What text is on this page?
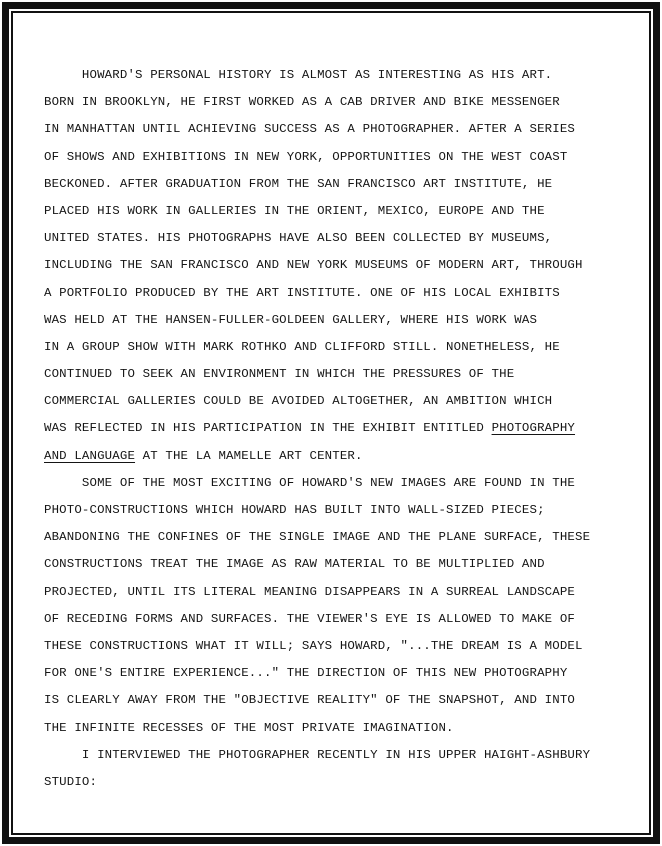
HOWARD'S PERSONAL HISTORY IS ALMOST AS INTERESTING AS HIS ART.
BORN IN BROOKLYN, HE FIRST WORKED AS A CAB DRIVER AND BIKE MESSENGER
IN MANHATTAN UNTIL ACHIEVING SUCCESS AS A PHOTOGRAPHER. AFTER A SERIES
OF SHOWS AND EXHIBITIONS IN NEW YORK, OPPORTUNITIES ON THE WEST COAST
BECKONED. AFTER GRADUATION FROM THE SAN FRANCISCO ART INSTITUTE, HE
PLACED HIS WORK IN GALLERIES IN THE ORIENT, MEXICO, EUROPE AND THE
UNITED STATES. HIS PHOTOGRAPHS HAVE ALSO BEEN COLLECTED BY MUSEUMS,
INCLUDING THE SAN FRANCISCO AND NEW YORK MUSEUMS OF MODERN ART, THROUGH
A PORTFOLIO PRODUCED BY THE ART INSTITUTE. ONE OF HIS LOCAL EXHIBITS
WAS HELD AT THE HANSEN-FULLER-GOLDEEN GALLERY, WHERE HIS WORK WAS
IN A GROUP SHOW WITH MARK ROTHKO AND CLIFFORD STILL. NONETHELESS, HE
CONTINUED TO SEEK AN ENVIRONMENT IN WHICH THE PRESSURES OF THE
COMMERCIAL GALLERIES COULD BE AVOIDED ALTOGETHER, AN AMBITION WHICH
WAS REFLECTED IN HIS PARTICIPATION IN THE EXHIBIT ENTITLED PHOTOGRAPHY
AND LANGUAGE AT THE LA MAMELLE ART CENTER.
SOME OF THE MOST EXCITING OF HOWARD'S NEW IMAGES ARE FOUND IN THE
PHOTO-CONSTRUCTIONS WHICH HOWARD HAS BUILT INTO WALL-SIZED PIECES;
ABANDONING THE CONFINES OF THE SINGLE IMAGE AND THE PLANE SURFACE, THESE
CONSTRUCTIONS TREAT THE IMAGE AS RAW MATERIAL TO BE MULTIPLIED AND
PROJECTED, UNTIL ITS LITERAL MEANING DISAPPEARS IN A SURREAL LANDSCAPE
OF RECEDING FORMS AND SURFACES. THE VIEWER'S EYE IS ALLOWED TO MAKE OF
THESE CONSTRUCTIONS WHAT IT WILL; SAYS HOWARD, "...THE DREAM IS A MODEL
FOR ONE'S ENTIRE EXPERIENCE..." THE DIRECTION OF THIS NEW PHOTOGRAPHY
IS CLEARLY AWAY FROM THE "OBJECTIVE REALITY" OF THE SNAPSHOT, AND INTO
THE INFINITE RECESSES OF THE MOST PRIVATE IMAGINATION.
I INTERVIEWED THE PHOTOGRAPHER RECENTLY IN HIS UPPER HAIGHT-ASHBURY
STUDIO:
